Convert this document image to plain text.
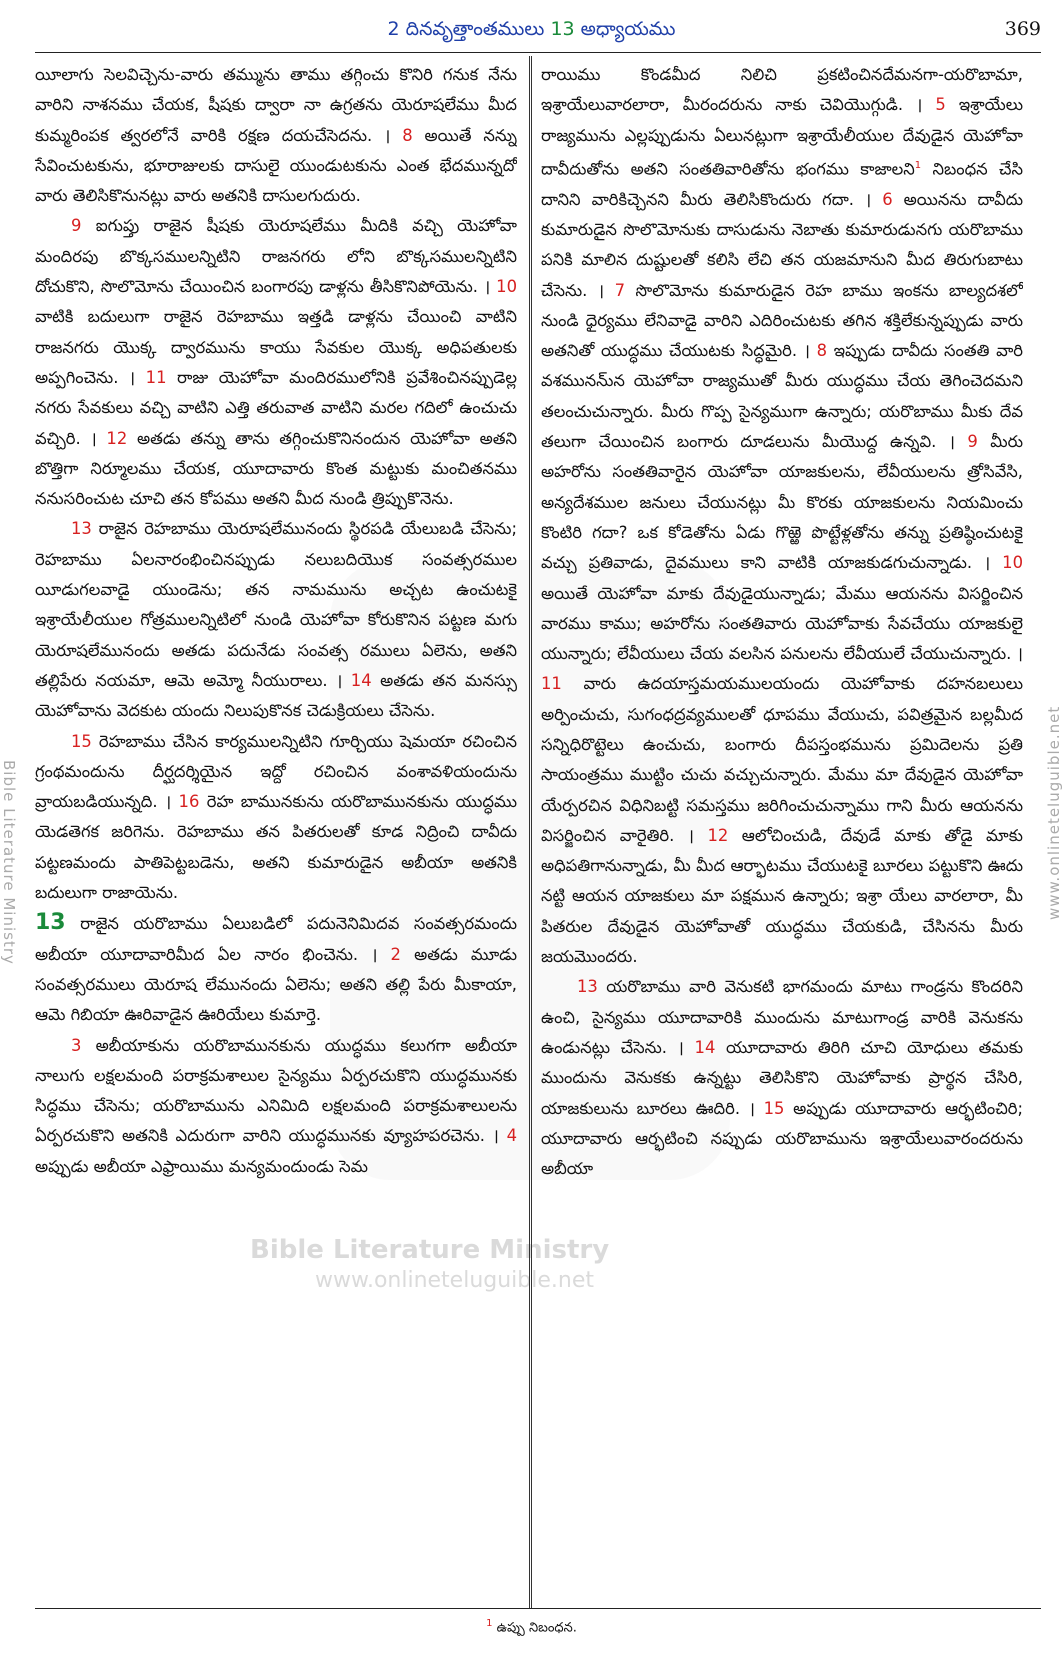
Bible Literature Ministry
www.onlineteluguible.net
2 దినవృత్తాంతములు 13 అధ్యాయము	369

యీలాగు సెలవిచ్చెను-వారు తమ్మును తాము తగ్గించు కొనిరి గనుక నేను వారిని నాశనము చేయక, షీషకు ద్వారా నా ఉగ్రతను యెరూషలేము మీద కుమ్మరింపక త్వరలోనే వారికి రక్షణ దయచేసెదను. । 8 అయితే నన్ను సేవించుటకును, భూరాజులకు దాసులై యుండుటకును ఎంత భేదమున్నదో వారు తెలిసికొనునట్లు వారు అతనికి దాసులగుదురు.

9 ఐగుప్తు రాజైన షీషకు యెరూషలేము మీదికి వచ్చి యెహోవా మందిరపు బొక్కసములన్నిటిని రాజనగరు లోని బొక్కసములన్నిటిని దోచుకొని, సొలొమోను చేయించిన బంగారపు డాళ్లను తీసికొనిపోయెను. । 10 వాటికి బదులుగా రాజైన రెహబాము ఇత్తడి డాళ్లను చేయించి వాటిని రాజనగరు యొక్క ద్వారమును కాయు సేవకుల యొక్క అధిపతులకు అప్పగించెను. । 11 రాజు యెహోవా మందిరములోనికి ప్రవేశించినప్పుడెల్ల నగరు సేవకులు వచ్చి వాటిని ఎత్తి తరువాత వాటిని మరల గదిలో ఉంచుచు వచ్చిరి. । 12 అతడు తన్ను తాను తగ్గించుకొనినందున యెహోవా అతని బొత్తిగా నిర్మూలము చేయక, యూదావారు కొంత మట్టుకు మంచితనము ననుసరించుట చూచి తన కోపము అతని మీద నుండి త్రిప్పుకొనెను.

13 రాజైన రెహబాము యెరూషలేమునందు స్థిరపడి యేలుబడి చేసెను; రెహబాము ఏలనారంభించినప్పుడు నలుబదియొక సంవత్సరముల యీడుగలవాడై యుండెను; తన నామమును అచ్చట ఉంచుటకై ఇశ్రాయేలీయుల గోత్రములన్నిటిలో నుండి యెహోవా కోరుకొనిన పట్టణ మగు యెరూషలేమునందు అతడు పదునేడు సంవత్స రములు ఏలెను, అతని తల్లిపేరు నయమా, ఆమె అమ్మో నీయురాలు. । 14 అతడు తన మనస్సు యెహోవాను వెదకుట యందు నిలుపుకొనక చెడుక్రియలు చేసెను.

15 రెహబాము చేసిన కార్యములన్నిటిని గూర్చియు షెమయా రచించిన గ్రంథమందును దీర్ఘదర్శియైన ఇద్దో రచించిన వంశావళియందును వ్రాయబడియున్నది. । 16 రెహ బామునకును యరొబామునకును యుద్ధము యెడతెగక జరిగెను. రెహబాము తన పితరులతో కూడ నిద్రించి దావీదు పట్టణమందు పాతిపెట్టబడెను, అతని కుమారుడైన అబీయా అతనికి బదులుగా రాజాయెను.

13 రాజైన యరొబాము ఏలుబడిలో పదునెనిమిదవ సంవత్సరమందు అబీయా యూదావారిమీద ఏల నారం భించెను. । 2 అతడు మూడు సంవత్సరములు యెరూష లేమునందు ఏలెను; అతని తల్లి పేరు మీకాయా, ఆమె గిబియా ఊరివాడైన ఊరియేలు కుమార్తె.

3 అబీయాకును యరొబామునకును యుద్ధము కలుగగా అబీయా నాలుగు లక్షలమంది పరాక్రమశాలుల సైన్యము ఏర్పరచుకొని యుద్ధమునకు సిద్ధము చేసెను; యరొబామును ఎనిమిది లక్షలమంది పరాక్రమశాలులను ఏర్పరచుకొని అతనికి ఎదురుగా వారిని యుద్ధమునకు వ్యూహపరచెను. । 4 అప్పుడు అబీయా ఎఫ్రాయిము మన్యమందుండు సెమ

రాయిము కొండమీద నిలిచి ప్రకటించినదేమనగా-యరొబామా, ఇశ్రాయేలువారలారా, మీరందరును నాకు చెవియొగ్గుడి. । 5 ఇశ్రాయేలు రాజ్యమును ఎల్లప్పుడును ఏలునట్లుగా ఇశ్రాయేలీయుల దేవుడైన యెహోవా దావీదుతోను అతని సంతతివారితోను భంగము కాజాలని$^1$ నిబంధన చేసి దానిని వారికిచ్చెనని మీరు తెలిసికొందురు గదా. । 6 అయినను దావీదు కుమారుడైన సొలొమోనుకు దాసుడును నెబాతు కుమారుడునగు యరొబాము పనికి మాలిన దుష్టులతో కలిసి లేచి తన యజమానుని మీద తిరుగుబాటు చేసెను. । 7 సొలొమోను కుమారుడైన రెహ బాము ఇంకను బాల్యదశలో నుండి ధైర్యము లేనివాడై వారిని ఎదిరించుటకు తగిన శక్తిలేకున్నప్పుడు వారు అతనితో యుద్ధము చేయుటకు సిద్ధమైరి. । 8 ఇప్పుడు దావీదు సంతతి వారి వశమునను్న యెహోవా రాజ్యముతో మీరు యుద్ధము చేయ తెగించెదమని తలంచుచున్నారు. మీరు గొప్ప సైన్యముగా ఉన్నారు; యరొబాము మీకు దేవ తలుగా చేయించిన బంగారు దూడలును మీయొద్ద ఉన్నవి. । 9 మీరు అహరోను సంతతివారైన యెహోవా యాజకులను, లేవీయులను త్రోసివేసి, అన్యదేశముల జనులు చేయునట్లు మీ కొరకు యాజకులను నియమించు కొంటిరి గదా? ఒక కోడెతోను ఏడు గొఱ్ఱె పొట్టేళ్లతోను తన్ను ప్రతిష్ఠించుటకై వచ్చు ప్రతివాడు, దైవములు కాని వాటికి యాజకుడగుచున్నాడు. । 10 అయితే యెహోవా మాకు దేవుడైయున్నాడు; మేము ఆయనను విసర్జించిన వారము కాము; అహరోను సంతతివారు యెహోవాకు సేవచేయు యాజకులై యున్నారు; లేవీయులు చేయ వలసిన పనులను లేవీయులే చేయుచున్నారు. । 11 వారు ఉదయాస్తమయములయందు యెహోవాకు దహనబలులు అర్పించుచు, సుగంధద్రవ్యములతో ధూపము వేయుచు, పవిత్రమైన బల్లమీద సన్నిధిరొట్టెలు ఉంచుచు, బంగారు దీపస్తంభమును ప్రమిదెలను ప్రతి సాయంత్రము ముట్టిం చుచు వచ్చుచున్నారు. మేము మా దేవుడైన యెహోవా యేర్పరచిన విధినిబట్టి సమస్తము జరిగించుచున్నాము గాని మీరు ఆయనను విసర్జించిన వారైతిరి. । 12 ఆలోచించుడి, దేవుడే మాకు తోడై మాకు అధిపతిగానున్నాడు, మీ మీద ఆర్భాటము చేయుటకై బూరలు పట్టుకొని ఊదు నట్టి ఆయన యాజకులు మా పక్షమున ఉన్నారు; ఇశ్రా యేలు వారలారా, మీ పితరుల దేవుడైన యెహోవాతో యుద్ధము చేయకుడి, చేసినను మీరు జయమొందరు.

13 యరొబాము వారి వెనుకటి భాగమందు మాటు గాండ్రను కొందరిని ఉంచి, సైన్యము యూదావారికి ముందును మాటుగాండ్ర వారికి వెనుకను ఉండునట్లు చేసెను. । 14 యూదావారు తిరిగి చూచి యోధులు తమకు ముందును వెనుకకు ఉన్నట్టు తెలిసికొని యెహోవాకు ప్రార్థన చేసిరి, యాజకులును బూరలు ఊదిరి. । 15 అప్పుడు యూదావారు ఆర్భటించిరి; యూదావారు ఆర్భటించి నప్పుడు యరొబామును ఇశ్రాయేలువారందరును అబీయా

$^1$ ఉప్పు నిబంధన.
Bible Literature Ministry	www.onlineteluguible.net
